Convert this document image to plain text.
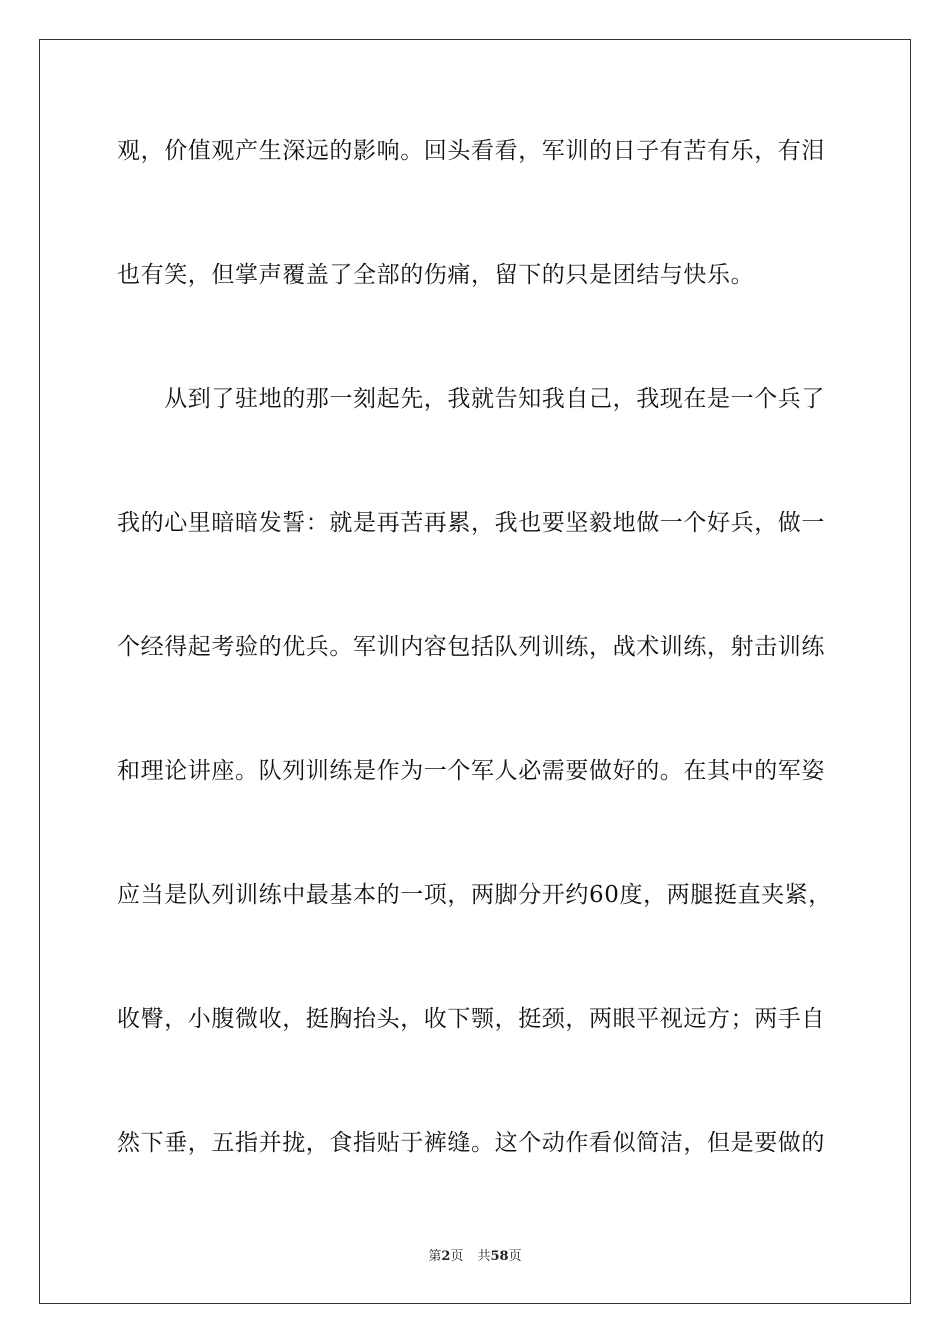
观，价值观产生深远的影响。回头看看，军训的日子有苦有乐，有泪
也有笑，但掌声覆盖了全部的伤痛，留下的只是团结与快乐。
　　从到了驻地的那一刻起先，我就告知我自己，我现在是一个兵了
我的心里暗暗发誓：就是再苦再累，我也要坚毅地做一个好兵，做一
个经得起考验的优兵。军训内容包括队列训练，战术训练，射击训练
和理论讲座。队列训练是作为一个军人必需要做好的。在其中的军姿
应当是队列训练中最基本的一项，两脚分开约60度，两腿挺直夹紧，
收臀，小腹微收，挺胸抬头，收下颚，挺颈，两眼平视远方；两手自
然下垂，五指并拢，食指贴于裤缝。这个动作看似简洁，但是要做的
第2页 共58页
